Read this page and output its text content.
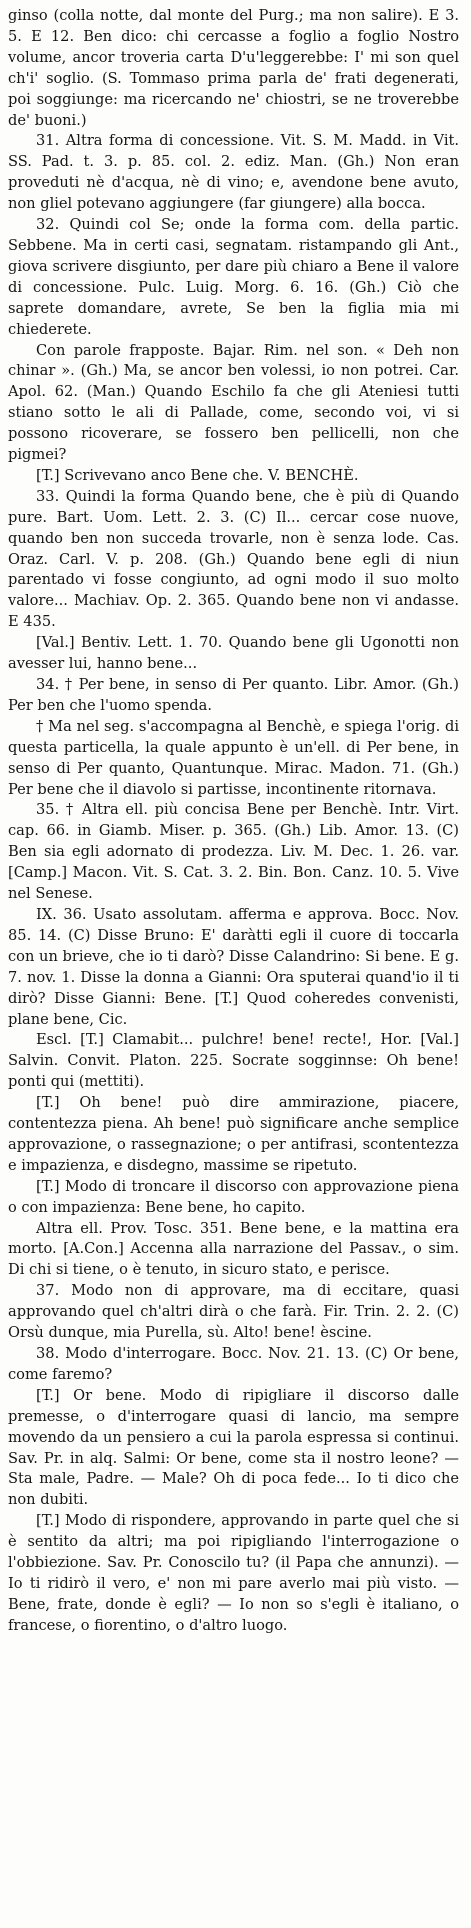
ginso (colla notte, dal monte del Purg.; ma non salire). E 3. 5. E 12. Ben dico: chi cercasse a foglio a foglio Nostro volume, ancor troveria carta D'u'leggerebbe: I' mi son quel ch'i' soglio. (S. Tommaso prima parla de' frati degenerati, poi soggiunge: ma ricercando ne' chiostri, se ne troverebbe de' buoni.)

31. Altra forma di concessione. Vit. S. M. Madd. in Vit. SS. Pad. t. 3. p. 85. col. 2. ediz. Man. (Gh.) Non eran proveduti nè d'acqua, nè di vino; e, avendone bene avuto, non gliel potevano aggiungere (far giungere) alla bocca.

32. Quindi col Se; onde la forma com. della partic. Sebbene. Ma in certi casi, segnatam. ristampando gli Ant., giova scrivere disgiunto, per dare più chiaro a Bene il valore di concessione. Pulc. Luig. Morg. 6. 16. (Gh.) Ciò che saprete domandare, avrete, Se ben la figlia mia mi chiederete.

Con parole frapposte. Bajar. Rim. nel son. « Deh non chinar ». (Gh.) Ma, se ancor ben volessi, io non potrei. Car. Apol. 62. (Man.) Quando Eschilo fa che gli Ateniesi tutti stiano sotto le ali di Pallade, come, secondo voi, vi si possono ricoverare, se fossero ben pellicelli, non che pigmei?

[T.] Scrivevano anco Bene che. V. BENCHÈ.

33. Quindi la forma Quando bene, che è più di Quando pure. Bart. Uom. Lett. 2. 3. (C) Il... cercar cose nuove, quando ben non succeda trovarle, non è senza lode. Cas. Oraz. Carl. V. p. 208. (Gh.) Quando bene egli di niun parentado vi fosse congiunto, ad ogni modo il suo molto valore... Machiav. Op. 2. 365. Quando bene non vi andasse. E 435.

[Val.] Bentiv. Lett. 1. 70. Quando bene gli Ugonotti non avesser lui, hanno bene...

34. † Per bene, in senso di Per quanto. Libr. Amor. (Gh.) Per ben che l'uomo spenda.

† Ma nel seg. s'accompagna al Benchè, e spiega l'orig. di questa particella, la quale appunto è un'ell. di Per bene, in senso di Per quanto, Quantunque. Mirac. Madon. 71. (Gh.) Per bene che il diavolo si partisse, incontinente ritornava.

35. † Altra ell. più concisa Bene per Benchè. Intr. Virt. cap. 66. in Giamb. Miser. p. 365. (Gh.) Lib. Amor. 13. (C) Ben sia egli adornato di prodezza. Liv. M. Dec. 1. 26. var. [Camp.] Macon. Vit. S. Cat. 3. 2. Bin. Bon. Canz. 10. 5. Vive nel Senese.

IX. 36. Usato assolutam. afferma e approva. Bocc. Nov. 85. 14. (C) Disse Bruno: E' daràtti egli il cuore di toccarla con un brieve, che io ti darò? Disse Calandrino: Si bene. E g. 7. nov. 1. Disse la donna a Gianni: Ora sputerai quand'io il ti dirò? Disse Gianni: Bene. [T.] Quod coheredes convenisti, plane bene, Cic.

Escl. [T.] Clamabit... pulchre! bene! recte!, Hor. [Val.] Salvin. Convit. Platon. 225. Socrate sogginnse: Oh bene! ponti qui (mettiti).

[T.] Oh bene! può dire ammirazione, piacere, contentezza piena. Ah bene! può significare anche semplice approvazione, o rassegnazione; o per antifrasi, scontentezza e impazienza, e disdegno, massime se ripetuto.

[T.] Modo di troncare il discorso con approvazione piena o con impazienza: Bene bene, ho capito.

Altra ell. Prov. Tosc. 351. Bene bene, e la mattina era morto. [A.Con.] Accenna alla narrazione del Passav., o sim. Di chi si tiene, o è tenuto, in sicuro stato, e perisce.

37. Modo non di approvare, ma di eccitare, quasi approvando quel ch'altri dirà o che farà. Fir. Trin. 2. 2. (C) Orsù dunque, mia Purella, sù. Alto! bene! èscine.

38. Modo d'interrogare. Bocc. Nov. 21. 13. (C) Or bene, come faremo?

[T.] Or bene. Modo di ripigliare il discorso dalle premesse, o d'interrogare quasi di lancio, ma sempre movendo da un pensiero a cui la parola espressa si continui. Sav. Pr. in alq. Salmi: Or bene, come sta il nostro leone? — Sta male, Padre. — Male? Oh di poca fede... Io ti dico che non dubiti.

[T.] Modo di rispondere, approvando in parte quel che si è sentito da altri; ma poi ripigliando l'interrogazione o l'obbiezione. Sav. Pr. Conoscilo tu? (il Papa che annunzi). — Io ti ridirò il vero, e' non mi pare averlo mai più visto. — Bene, frate, donde è egli? — Io non so s'egli è italiano, o francese, o fiorentino, o d'altro luogo.
